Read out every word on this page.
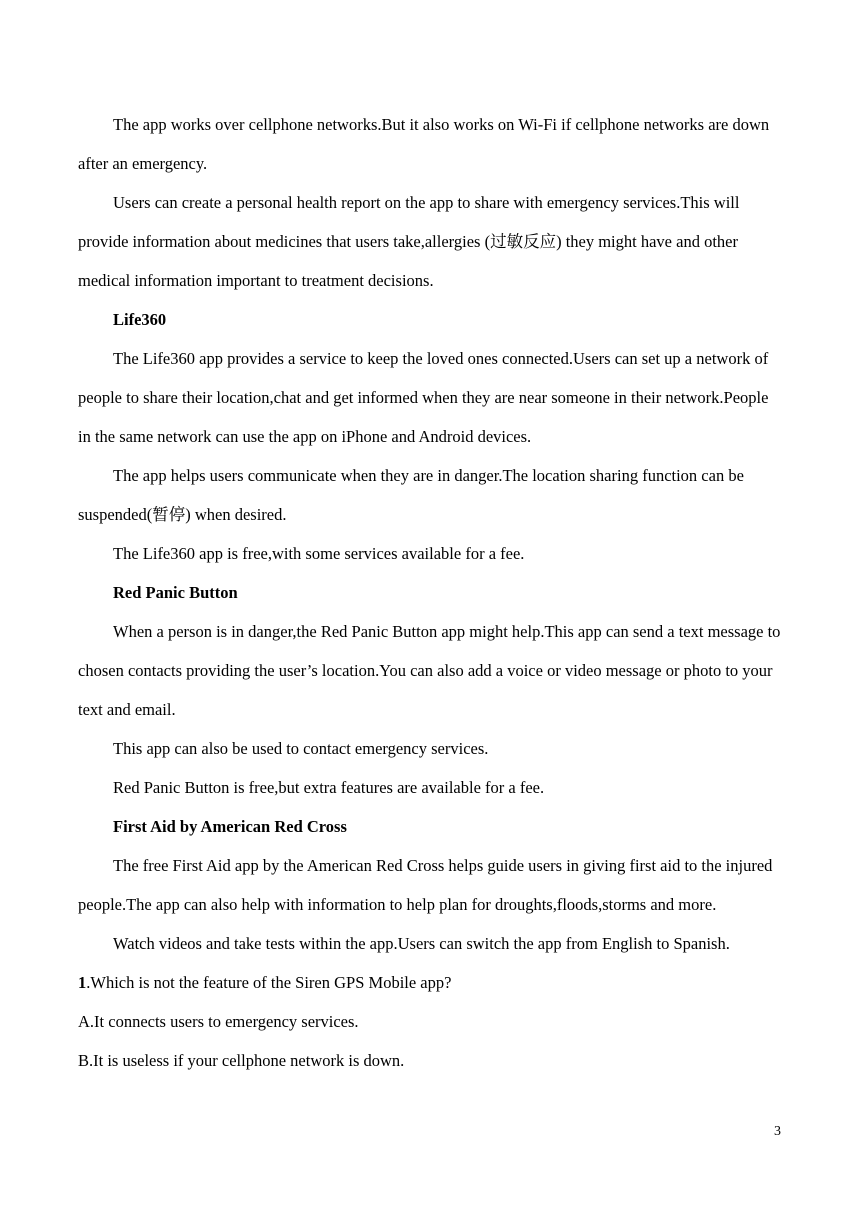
The app works over cellphone networks.But it also works on Wi-Fi if cellphone networks are down after an emergency.

Users can create a personal health report on the app to share with emergency services.This will provide information about medicines that users take,allergies (过敏反应) they might have and other medical information important to treatment decisions.

Life360

The Life360 app provides a service to keep the loved ones connected.Users can set up a network of people to share their location,chat and get informed when they are near someone in their network.People in the same network can use the app on iPhone and Android devices.

The app helps users communicate when they are in danger.The location sharing function can be suspended(暂停) when desired.

The Life360 app is free,with some services available for a fee.

Red Panic Button

When a person is in danger,the Red Panic Button app might help.This app can send a text message to chosen contacts providing the user’s location.You can also add a voice or video message or photo to your text and email.

This app can also be used to contact emergency services.

Red Panic Button is free,but extra features are available for a fee.

First Aid by American Red Cross

The free First Aid app by the American Red Cross helps guide users in giving first aid to the injured people.The app can also help with information to help plan for droughts,floods,storms and more.

Watch videos and take tests within the app.Users can switch the app from English to Spanish.

1.Which is not the feature of the Siren GPS Mobile app?

A.It connects users to emergency services.

B.It is useless if your cellphone network is down.

3
